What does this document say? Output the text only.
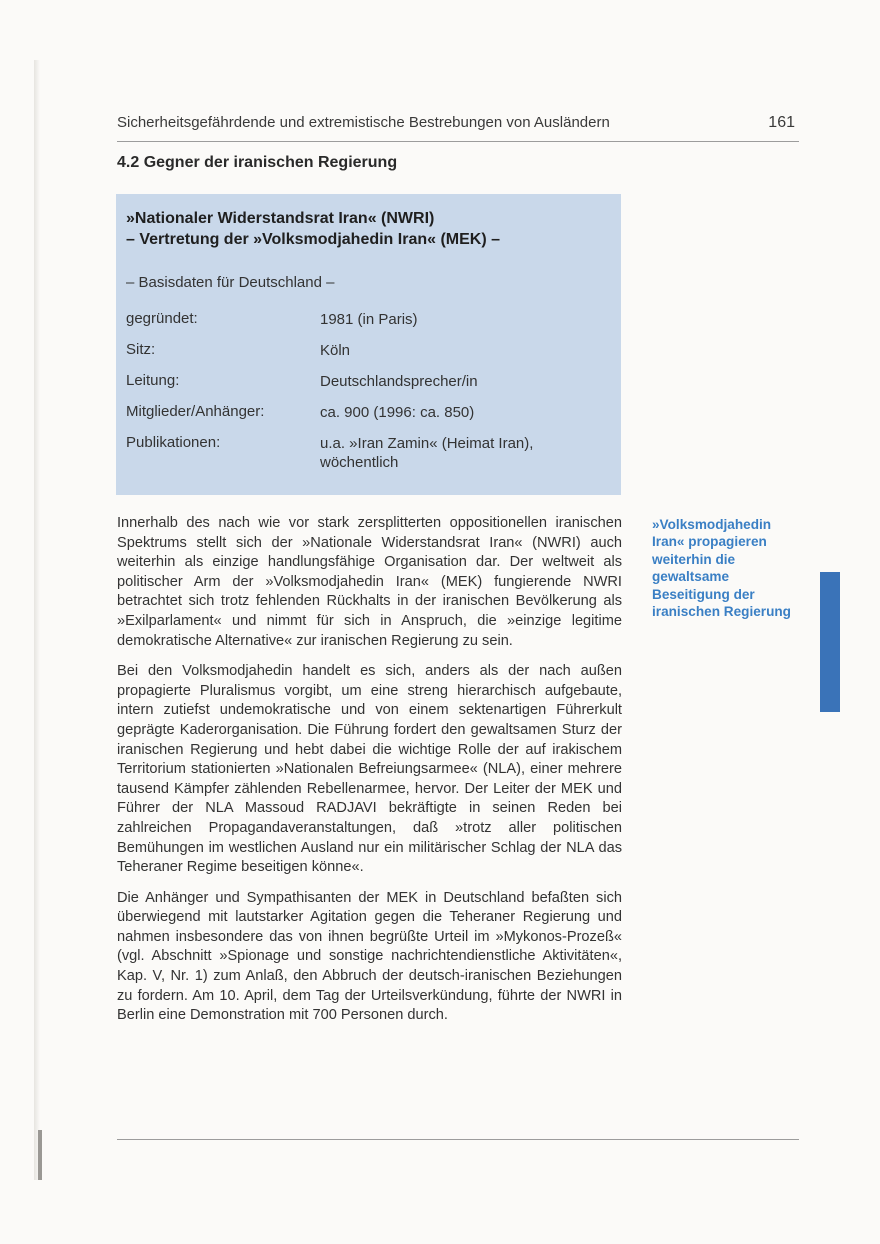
Sicherheitsgefährdende und extremistische Bestrebungen von Ausländern	161
4.2 Gegner der iranischen Regierung
»Nationaler Widerstandsrat Iran« (NWRI)
– Vertretung der »Volksmodjahedin Iran« (MEK) –
– Basisdaten für Deutschland –
gegründet:	1981 (in Paris)
Sitz:	Köln
Leitung:	Deutschlandsprecher/in
Mitglieder/Anhänger:	ca. 900 (1996: ca. 850)
Publikationen:	u.a. »Iran Zamin« (Heimat Iran), wöchentlich

Innerhalb des nach wie vor stark zersplitterten oppositionellen iranischen Spektrums stellt sich der »Nationale Widerstandsrat Iran« (NWRI) auch weiterhin als einzige handlungsfähige Organisation dar. Der weltweit als politischer Arm der »Volksmodjahedin Iran« (MEK) fungierende NWRI betrachtet sich trotz fehlenden Rückhalts in der iranischen Bevölkerung als »Exilparlament« und nimmt für sich in Anspruch, die »einzige legitime demokratische Alternative« zur iranischen Regierung zu sein.

Bei den Volksmodjahedin handelt es sich, anders als der nach außen propagierte Pluralismus vorgibt, um eine streng hierarchisch aufgebaute, intern zutiefst undemokratische und von einem sektenartigen Führerkult geprägte Kaderorganisation. Die Führung fordert den gewaltsamen Sturz der iranischen Regierung und hebt dabei die wichtige Rolle der auf irakischem Territorium stationierten »Nationalen Befreiungsarmee« (NLA), einer mehrere tausend Kämpfer zählenden Rebellenarmee, hervor. Der Leiter der MEK und Führer der NLA Massoud RADJAVI bekräftigte in seinen Reden bei zahlreichen Propagandaveranstaltungen, daß »trotz aller politischen Bemühungen im westlichen Ausland nur ein militärischer Schlag der NLA das Teheraner Regime beseitigen könne«.

Die Anhänger und Sympathisanten der MEK in Deutschland befaßten sich überwiegend mit lautstarker Agitation gegen die Teheraner Regierung und nahmen insbesondere das von ihnen begrüßte Urteil im »Mykonos-Prozeß« (vgl. Abschnitt »Spionage und sonstige nachrichtendienstliche Aktivitäten«, Kap. V, Nr. 1) zum Anlaß, den Abbruch der deutsch-iranischen Beziehungen zu fordern. Am 10. April, dem Tag der Urteilsverkündung, führte der NWRI in Berlin eine Demonstration mit 700 Personen durch.

»Volksmodjahedin Iran« propagieren weiterhin die gewaltsame Beseitigung der iranischen Regierung
